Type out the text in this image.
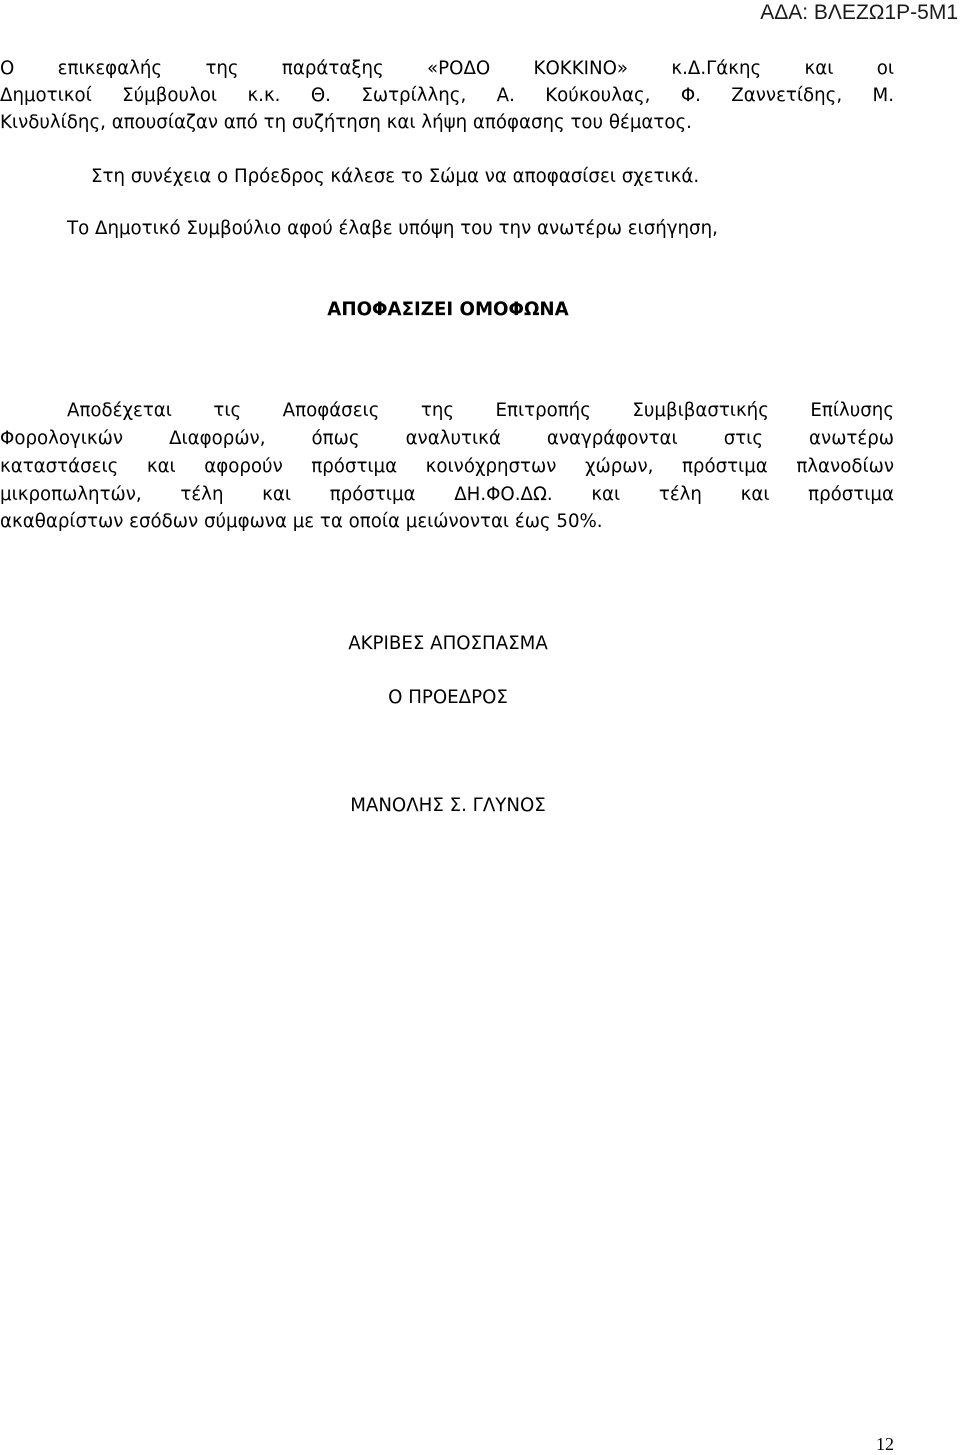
ΑΔΑ: ΒΛΕΖΩ1Ρ-5Μ1
Ο επικεφαλής της παράταξης «ΡΟΔΟ ΚΟΚΚΙΝΟ» κ.Δ.Γάκης και οι
Δημοτικοί Σύμβουλοι κ.κ. Θ. Σωτρίλλης, Α. Κούκουλας, Φ. Ζαννετίδης, Μ.
Κινδυλίδης, απουσίαζαν από τη συζήτηση και λήψη απόφασης του θέματος.
Στη συνέχεια ο Πρόεδρος κάλεσε το Σώμα να αποφασίσει σχετικά.
Το Δημοτικό Συμβούλιο αφού έλαβε υπόψη του την ανωτέρω εισήγηση,
ΑΠΟΦΑΣΙΖΕΙ ΟΜΟΦΩΝΑ
Αποδέχεται τις Αποφάσεις της Επιτροπής Συμβιβαστικής Επίλυσης
Φορολογικών Διαφορών, όπως αναλυτικά αναγράφονται στις ανωτέρω
καταστάσεις και αφορούν πρόστιμα κοινόχρηστων χώρων, πρόστιμα πλανοδίων
μικροπωλητών, τέλη και πρόστιμα ΔΗ.ΦΟ.ΔΩ. και τέλη και πρόστιμα
ακαθαρίστων εσόδων σύμφωνα με τα οποία μειώνονται έως 50%.
ΑΚΡΙΒΕΣ ΑΠΟΣΠΑΣΜΑ
Ο ΠΡΟΕΔΡΟΣ
ΜΑΝΟΛΗΣ Σ. ΓΛΥΝΟΣ
12
